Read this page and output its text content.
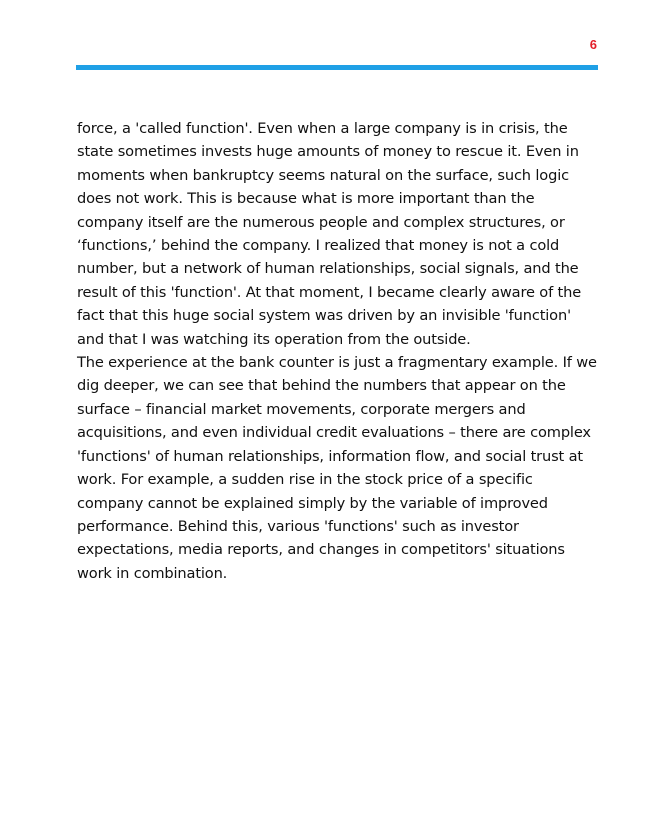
6

force, a 'called function'. Even when a large company is in crisis, the state sometimes invests huge amounts of money to rescue it. Even in moments when bankruptcy seems natural on the surface, such logic does not work. This is because what is more important than the company itself are the numerous people and complex structures, or ‘functions,’ behind the company. I realized that money is not a cold number, but a network of human relationships, social signals, and the result of this 'function'. At that moment, I became clearly aware of the fact that this huge social system was driven by an invisible 'function' and that I was watching its operation from the outside.

The experience at the bank counter is just a fragmentary example. If we dig deeper, we can see that behind the numbers that appear on the surface – financial market movements, corporate mergers and acquisitions, and even individual credit evaluations – there are complex 'functions' of human relationships, information flow, and social trust at work. For example, a sudden rise in the stock price of a specific company cannot be explained simply by the variable of improved performance. Behind this, various 'functions' such as investor expectations, media reports, and changes in competitors' situations work in combination.
